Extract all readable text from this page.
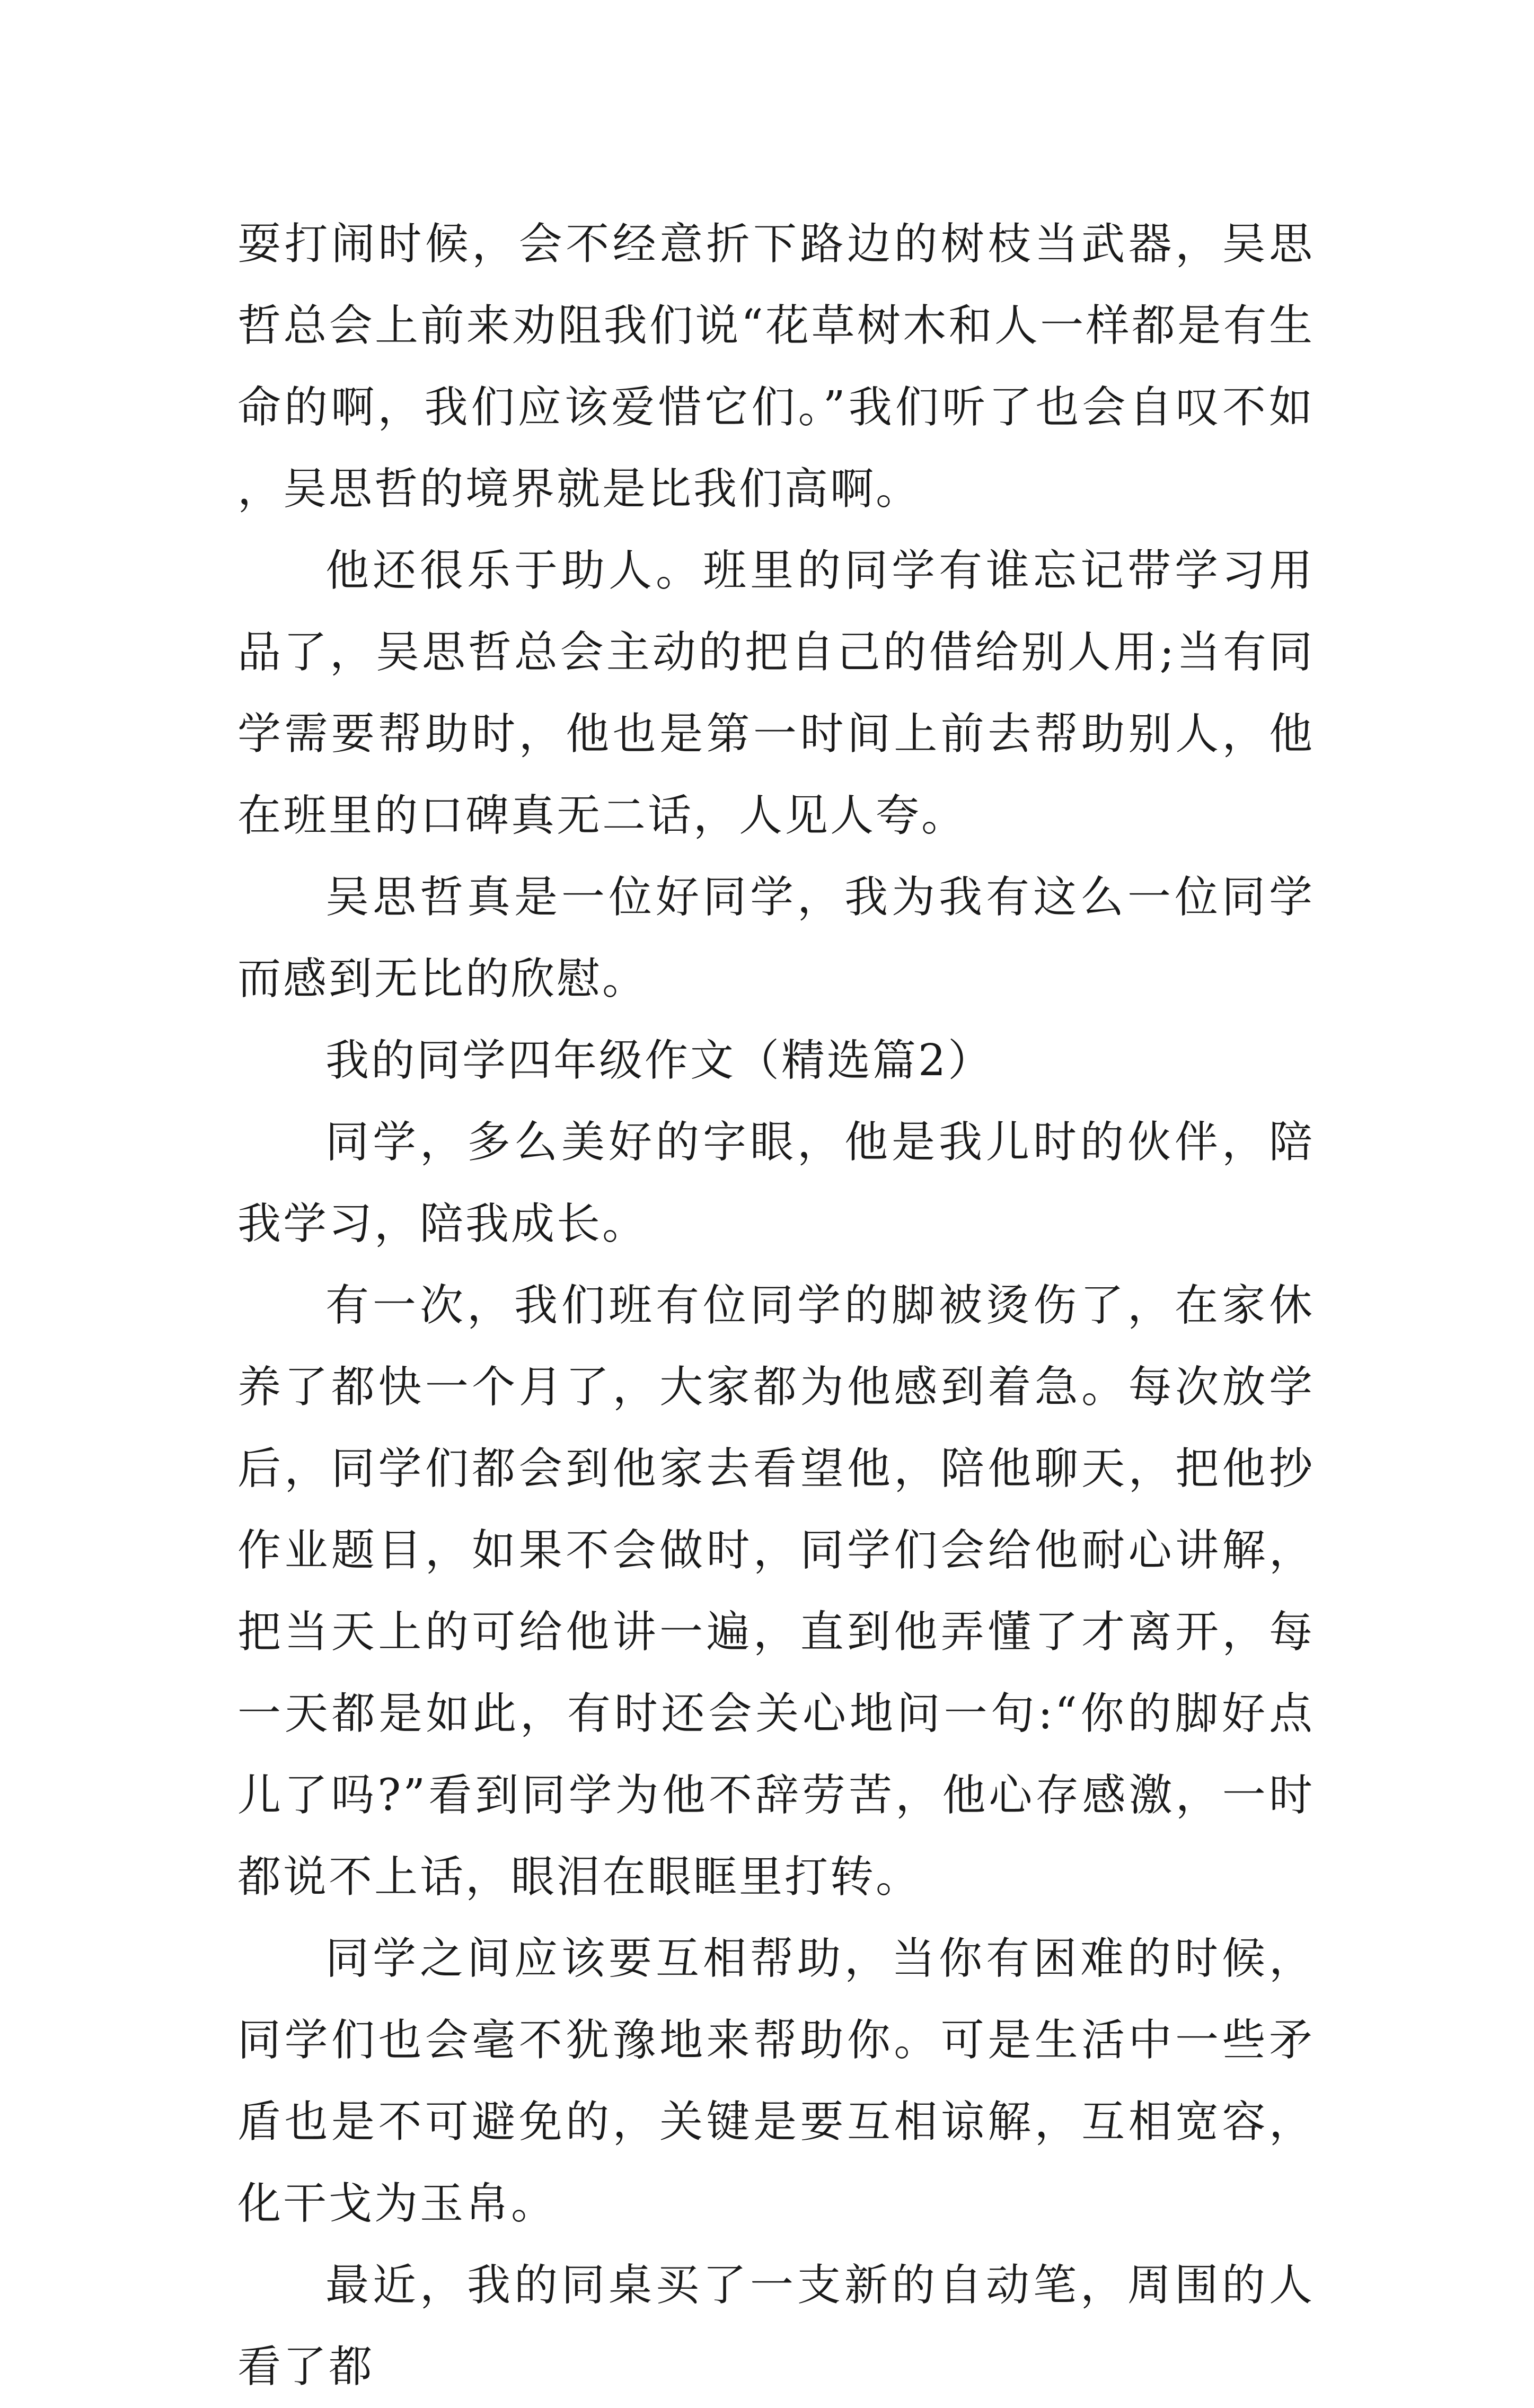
耍打闹时候，会不经意折下路边的树枝当武器，吴思哲总会上前来劝阻我们说“花草树木和人一样都是有生命的啊，我们应该爱惜它们。”我们听了也会自叹不如，吴思哲的境界就是比我们高啊。

他还很乐于助人。班里的同学有谁忘记带学习用品了，吴思哲总会主动的把自己的借给别人用;当有同学需要帮助时，他也是第一时间上前去帮助别人，他在班里的口碑真无二话，人见人夸。

吴思哲真是一位好同学，我为我有这么一位同学而感到无比的欣慰。

我的同学四年级作文（精选篇2）

同学，多么美好的字眼，他是我儿时的伙伴，陪我学习，陪我成长。

有一次，我们班有位同学的脚被烫伤了，在家休养了都快一个月了，大家都为他感到着急。每次放学后，同学们都会到他家去看望他，陪他聊天，把他抄作业题目，如果不会做时，同学们会给他耐心讲解，把当天上的可给他讲一遍，直到他弄懂了才离开，每一天都是如此，有时还会关心地问一句:“你的脚好点儿了吗?”看到同学为他不辞劳苦，他心存感激，一时都说不上话，眼泪在眼眶里打转。

同学之间应该要互相帮助，当你有困难的时候，同学们也会毫不犹豫地来帮助你。可是生活中一些矛盾也是不可避免的，关键是要互相谅解，互相宽容，化干戈为玉帛。

最近，我的同桌买了一支新的自动笔，周围的人看了都
